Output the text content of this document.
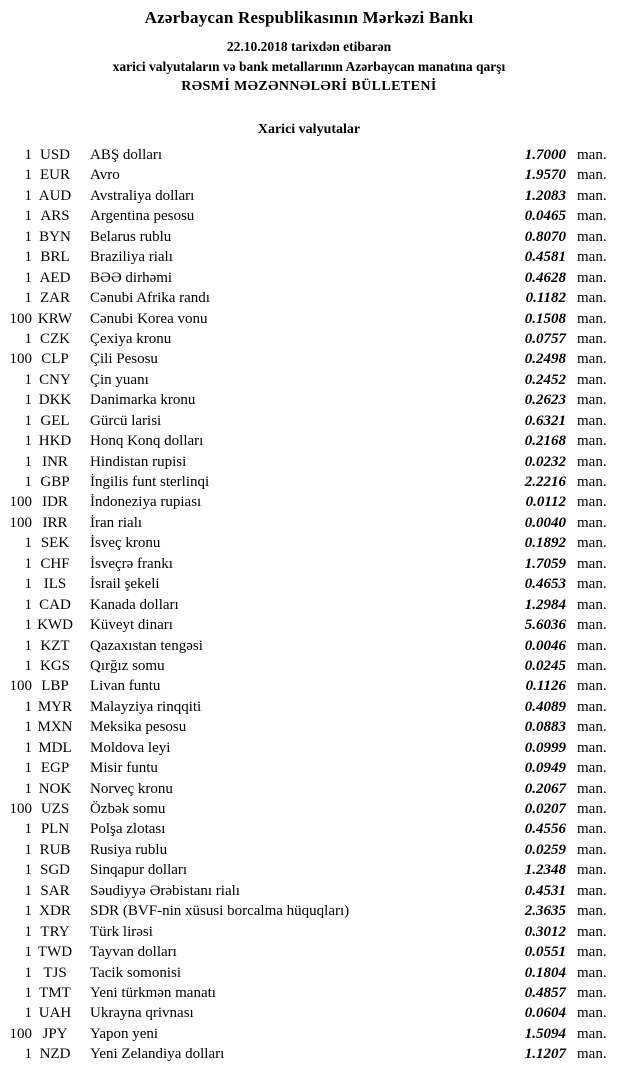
Azərbaycan Respublikasının Mərkəzi Bankı
22.10.2018 tarixdən etibarən
xarici valyutaların və bank metallarının Azərbaycan manatına qarşı
RƏSMİ MƏZƏNNƏLƏRİ BÜLLETENİ
Xarici valyutalar
1 USD	ABŞ dolları	1.7000 man.
1 EUR	Avro	1.9570 man.
1 AUD	Avstraliya dolları	1.2083 man.
1 ARS	Argentina pesosu	0.0465 man.
1 BYN	Belarus rublu	0.8070 man.
1 BRL	Braziliya rialı	0.4581 man.
1 AED	BƏƏ dirhəmi	0.4628 man.
1 ZAR	Cənubi Afrika randı	0.1182 man.
100 KRW	Cənubi Korea vonu	0.1508 man.
1 CZK	Çexiya kronu	0.0757 man.
100 CLP	Çili Pesosu	0.2498 man.
1 CNY	Çin yuanı	0.2452 man.
1 DKK	Danimarka kronu	0.2623 man.
1 GEL	Gürcü larisi	0.6321 man.
1 HKD	Honq Konq dolları	0.2168 man.
1 INR	Hindistan rupisi	0.0232 man.
1 GBP	İngilis funt sterlinqi	2.2216 man.
100 IDR	İndoneziya rupiası	0.0112 man.
100 IRR	İran rialı	0.0040 man.
1 SEK	İsveç kronu	0.1892 man.
1 CHF	İsveçrə frankı	1.7059 man.
1 ILS	İsrail şekeli	0.4653 man.
1 CAD	Kanada dolları	1.2984 man.
1 KWD	Küveyt dinarı	5.6036 man.
1 KZT	Qazaxıstan tengəsi	0.0046 man.
1 KGS	Qırğız somu	0.0245 man.
100 LBP	Livan funtu	0.1126 man.
1 MYR	Malayziya rinqqiti	0.4089 man.
1 MXN	Meksika pesosu	0.0883 man.
1 MDL	Moldova leyi	0.0999 man.
1 EGP	Misir funtu	0.0949 man.
1 NOK	Norveç kronu	0.2067 man.
100 UZS	Özbək somu	0.0207 man.
1 PLN	Polşa zlotası	0.4556 man.
1 RUB	Rusiya rublu	0.0259 man.
1 SGD	Sinqapur dolları	1.2348 man.
1 SAR	Səudiyyə Ərəbistanı rialı	0.4531 man.
1 XDR	SDR (BVF-nin xüsusi borcalma hüquqları)	2.3635 man.
1 TRY	Türk lirəsi	0.3012 man.
1 TWD	Tayvan dolları	0.0551 man.
1 TJS	Tacik somonisi	0.1804 man.
1 TMT	Yeni türkmən manatı	0.4857 man.
1 UAH	Ukrayna qrivnası	0.0604 man.
100 JPY	Yapon yeni	1.5094 man.
1 NZD	Yeni Zelandiya dolları	1.1207 man.
